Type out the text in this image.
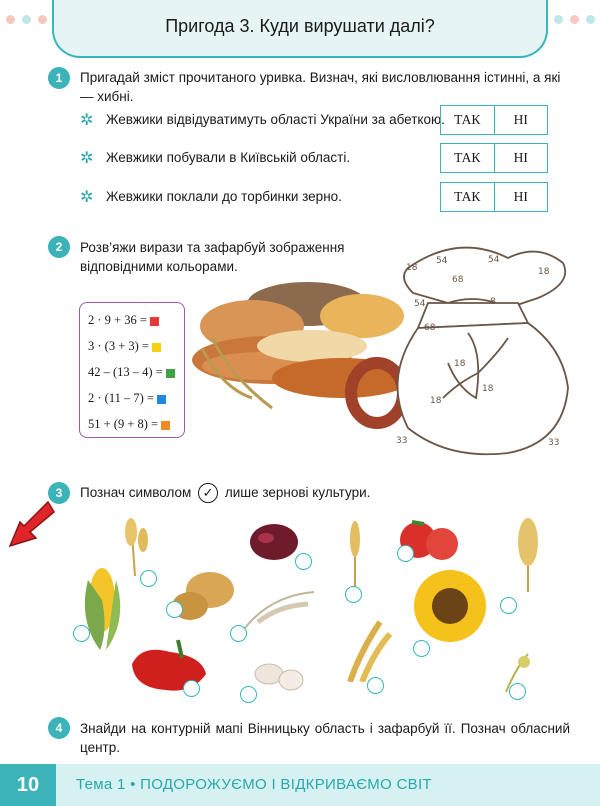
Пригода 3. Куди вирушати далі?
1	Пригадай зміст прочитаного уривка. Визнач, які висловлювання істинні, а які — хибні.
✲ Жевжики відвідуватимуть області України за абеткою. ТАК	НІ
✲ Жевжики побували в Київській області.	ТАК	НІ
✲ Жевжики поклали до торбинки зерно.	ТАК	НІ
2	Розв’яжи вирази та зафарбуй зображення
відповідними кольорами.
2 · 9 + 36 =
3 · (3 + 3) =
42 – (13 – 4) =
2 · (11 – 7) =
51 + (9 + 8) =
18
54	54
18
68
54	8
68
18
18
18
33	33
3	Познач символом ✓ лише зернові культури.
4	Знайди на контурній мапі Вінницьку область і зафарбуй її. Познач обласний центр.
10	Тема 1 • ПОДОРОЖУЄМО І ВІДКРИВАЄМО СВІТ
